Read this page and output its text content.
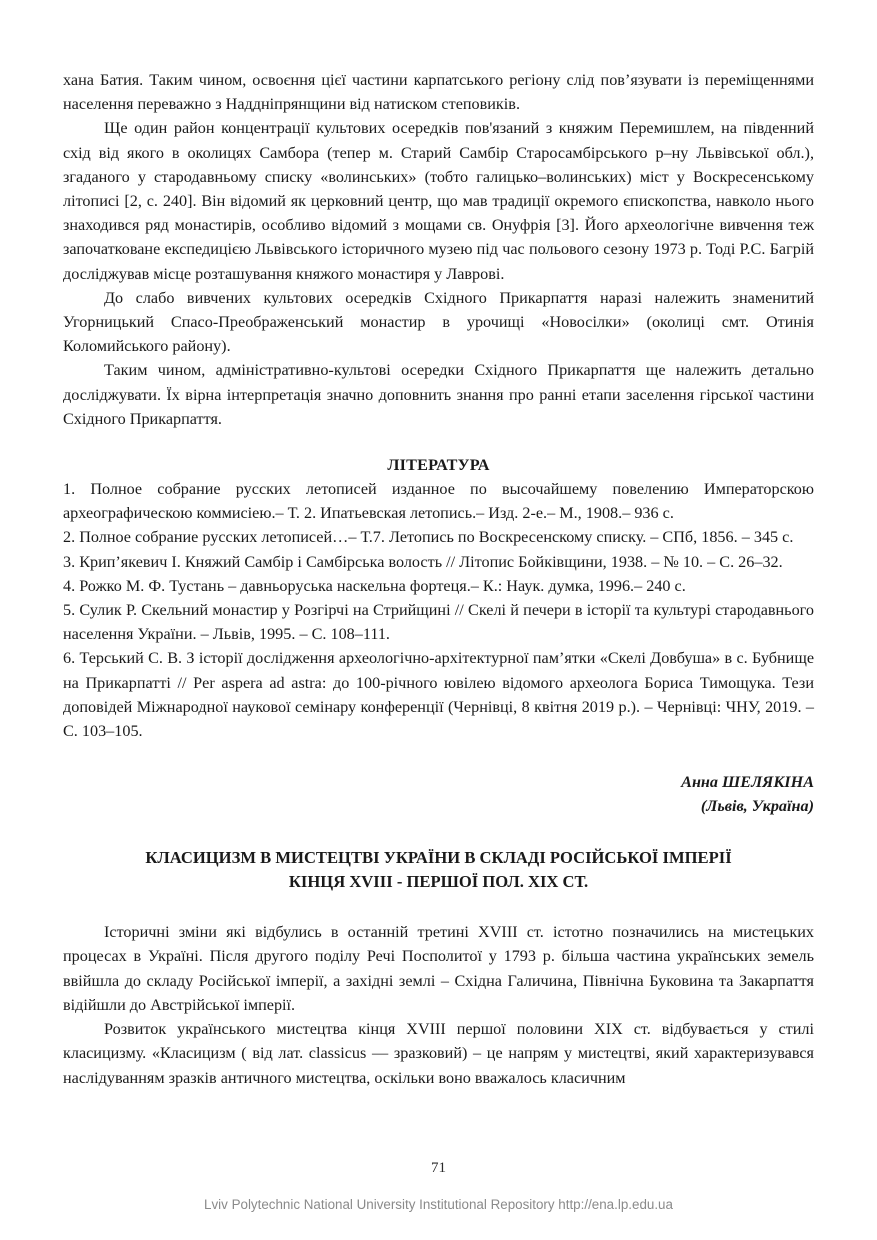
хана Батия. Таким чином, освоєння цієї частини карпатського регіону слід пов’язувати із переміщеннями населення переважно з Наддніпрянщини від натиском степовиків.

Ще один район концентрації культових осередків пов'язаний з княжим Перемишлем, на південний схід від якого в околицях Самбора (тепер м. Старий Самбір Старосамбірського р–ну Львівської обл.), згаданого у стародавньому списку «волинських» (тобто галицько–волинських) міст у Воскресенському літописі [2, с. 240]. Він відомий як церковний центр, що мав традиції окремого єпископства, навколо нього знаходився ряд монастирів, особливо відомий з мощами св. Онуфрія [3]. Його археологічне вивчення теж започатковане експедицією Львівського історичного музею під час польового сезону 1973 р. Тоді Р.С. Багрій досліджував місце розташування княжого монастиря у Лаврові.

До слабо вивчених культових осередків Східного Прикарпаття наразі належить знаменитий Угорницький Спасо-Преображенський монастир в урочищі «Новосілки» (околиці смт. Отинія Коломийського району).

Таким чином, адміністративно-культові осередки Східного Прикарпаття ще належить детально досліджувати. Їх вірна інтерпретація значно доповнить знання про ранні етапи заселення гірської частини Східного Прикарпаття.

ЛІТЕРАТУРА

1. Полное собрание русских летописей изданное по высочайшему повелению Императорскою археографическою коммисіею.– Т. 2. Ипатьевская летопись.– Изд. 2-е.– М., 1908.– 936 с.

2. Полное собрание русских летописей…– Т.7. Летопись по Воскресенскому списку. – СПб, 1856. – 345 с.

3. Крип’якевич І. Княжий Самбір і Самбірська волость // Літопис Бойківщини, 1938. – № 10. – С. 26–32.

4. Рожко М. Ф. Тустань – давньоруська наскельна фортеця.– К.: Наук. думка, 1996.– 240 с.

5. Сулик Р. Скельний монастир у Розгірчі на Стрийщині // Скелі й печери в історії та культурі стародавнього населення України. – Львів, 1995. – С. 108–111.

6. Терський С. В. З історії дослідження археологічно-архітектурної пам’ятки «Скелі Довбуша» в с. Бубнище на Прикарпатті // Per aspera ad astra: до 100-річного ювілею відомого археолога Бориса Тимощука. Тези доповідей Міжнародної наукової семінару конференції (Чернівці, 8 квітня 2019 р.). – Чернівці: ЧНУ, 2019. – С. 103–105.

Анна ШЕЛЯКІНА
(Львів, Україна)
КЛАСИЦИЗМ В МИСТЕЦТВІ УКРАЇНИ В СКЛАДІ РОСІЙСЬКОЇ ІМПЕРІЇ
КІНЦЯ XVIII - ПЕРШОЇ ПОЛ. XIX СТ.

Історичні зміни які відбулись в останній третині XVIII ст. істотно позначились на мистецьких процесах в Україні. Після другого поділу Речі Посполитої у 1793 р. більша частина українських земель ввійшла до складу Російської імперії, а західні землі – Східна Галичина, Північна Буковина та Закарпаття відійшли до Австрійської імперії.

Розвиток українського мистецтва кінця XVIII першої половини XIX ст. відбувається у стилі класицизму. «Класицизм ( від лат. classicus — зразковий) – це напрям у мистецтві, який характеризувався наслідуванням зразків античного мистецтва, оскільки воно вважалось класичним

71
Lviv Polytechnic National University Institutional Repository http://ena.lp.edu.ua
